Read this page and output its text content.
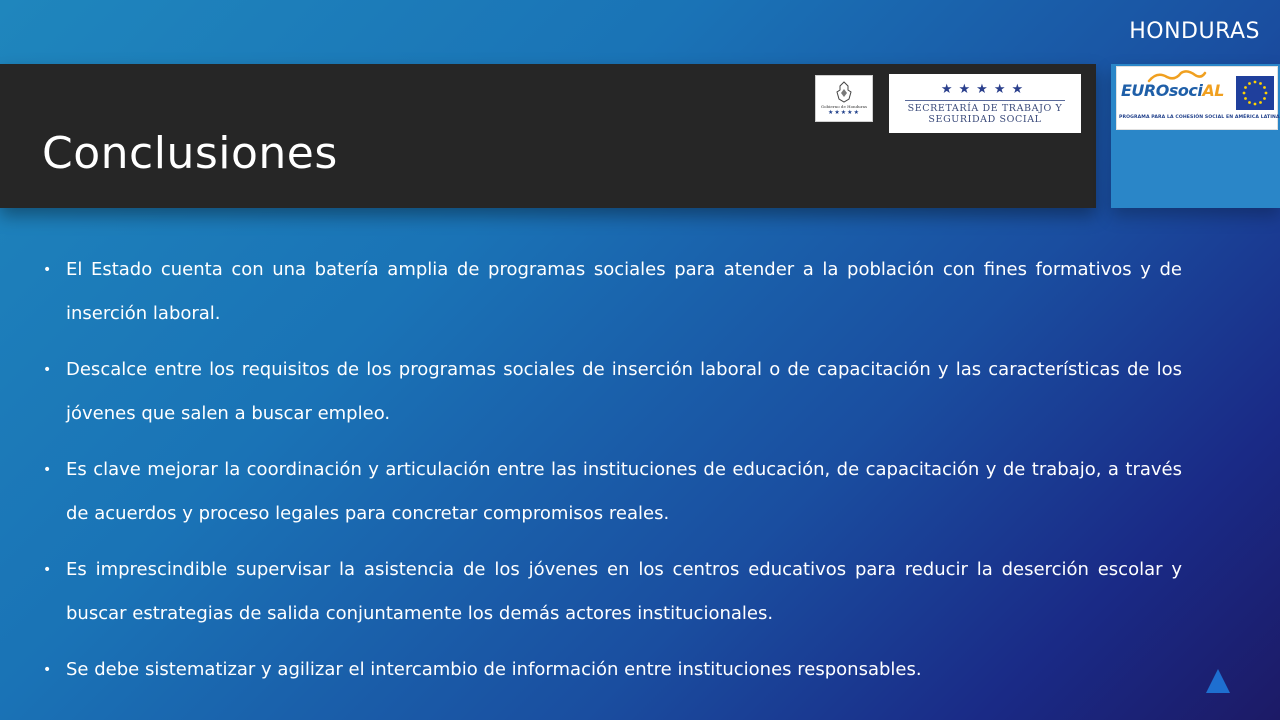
HONDURAS
Conclusiones
Gobierno de Honduras
★★★★★
★★★★★
SECRETARÍA DE TRABAJO Y
SEGURIDAD SOCIAL
EUROsociAL
PROGRAMA PARA LA COHESIÓN SOCIAL EN AMÉRICA LATINA
• El Estado cuenta con una batería amplia de programas sociales para atender a la población con fines formativos y de inserción laboral.
• Descalce entre los requisitos de los programas sociales de inserción laboral o de capacitación y las características de los jóvenes que salen a buscar empleo.
• Es clave mejorar la coordinación y articulación entre las instituciones de educación, de capacitación y de trabajo, a través de acuerdos y proceso legales para concretar compromisos reales.
• Es imprescindible supervisar la asistencia de los jóvenes en los centros educativos para reducir la deserción escolar y buscar estrategias de salida conjuntamente los demás actores institucionales.
• Se debe sistematizar y agilizar el intercambio de información entre instituciones responsables.
